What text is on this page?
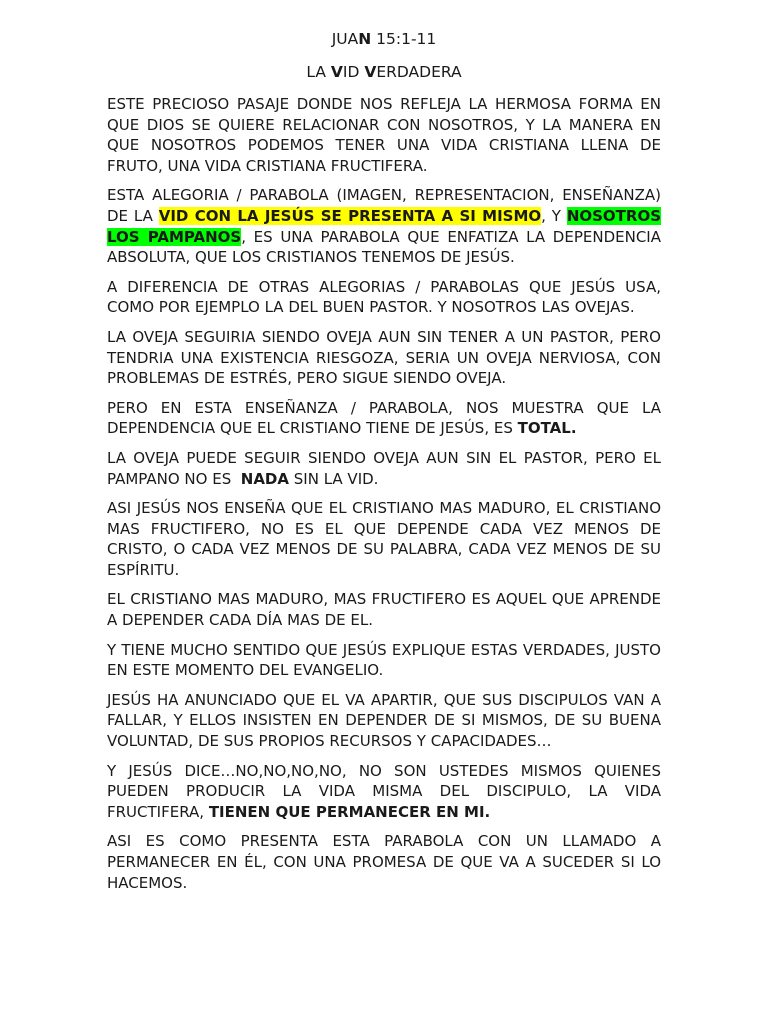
JUAN 15:1-11

LA VID VERDADERA

ESTE PRECIOSO PASAJE DONDE NOS REFLEJA LA HERMOSA FORMA EN QUE DIOS SE QUIERE RELACIONAR CON NOSOTROS, Y LA MANERA EN QUE NOSOTROS PODEMOS TENER UNA VIDA CRISTIANA LLENA DE FRUTO, UNA VIDA CRISTIANA FRUCTIFERA.

ESTA ALEGORIA / PARABOLA (IMAGEN, REPRESENTACION, ENSEÑANZA) DE LA VID CON LA JESÚS SE PRESENTA A SI MISMO, Y NOSOTROS LOS PAMPANOS, ES UNA PARABOLA QUE ENFATIZA LA DEPENDENCIA ABSOLUTA, QUE LOS CRISTIANOS TENEMOS DE JESÚS.

A DIFERENCIA DE OTRAS ALEGORIAS / PARABOLAS QUE JESÚS USA, COMO POR EJEMPLO LA DEL BUEN PASTOR. Y NOSOTROS LAS OVEJAS.

LA OVEJA SEGUIRIA SIENDO OVEJA AUN SIN TENER A UN PASTOR, PERO TENDRIA UNA EXISTENCIA RIESGOZA, SERIA UN OVEJA NERVIOSA, CON PROBLEMAS DE ESTRÉS, PERO SIGUE SIENDO OVEJA.

PERO EN ESTA ENSEÑANZA / PARABOLA, NOS MUESTRA QUE LA DEPENDENCIA QUE EL CRISTIANO TIENE DE JESÚS, ES TOTAL.

LA OVEJA PUEDE SEGUIR SIENDO OVEJA AUN SIN EL PASTOR, PERO EL PAMPANO NO ES  NADA SIN LA VID.

ASI JESÚS NOS ENSEÑA QUE EL CRISTIANO MAS MADURO, EL CRISTIANO MAS FRUCTIFERO, NO ES EL QUE DEPENDE CADA VEZ MENOS DE CRISTO, O CADA VEZ MENOS DE SU PALABRA, CADA VEZ MENOS DE SU ESPÍRITU.

EL CRISTIANO MAS MADURO, MAS FRUCTIFERO ES AQUEL QUE APRENDE A DEPENDER CADA DÍA MAS DE EL.

Y TIENE MUCHO SENTIDO QUE JESÚS EXPLIQUE ESTAS VERDADES, JUSTO EN ESTE MOMENTO DEL EVANGELIO.

JESÚS HA ANUNCIADO QUE EL VA APARTIR, QUE SUS DISCIPULOS VAN A FALLAR, Y ELLOS INSISTEN EN DEPENDER DE SI MISMOS, DE SU BUENA VOLUNTAD, DE SUS PROPIOS RECURSOS Y CAPACIDADES…

Y JESÚS DICE…NO,NO,NO,NO, NO SON USTEDES MISMOS QUIENES PUEDEN PRODUCIR LA VIDA MISMA DEL DISCIPULO, LA VIDA FRUCTIFERA, TIENEN QUE PERMANECER EN MI.

ASI ES COMO PRESENTA ESTA PARABOLA CON UN LLAMADO A PERMANECER EN ÉL, CON UNA PROMESA DE QUE VA A SUCEDER SI LO HACEMOS.
